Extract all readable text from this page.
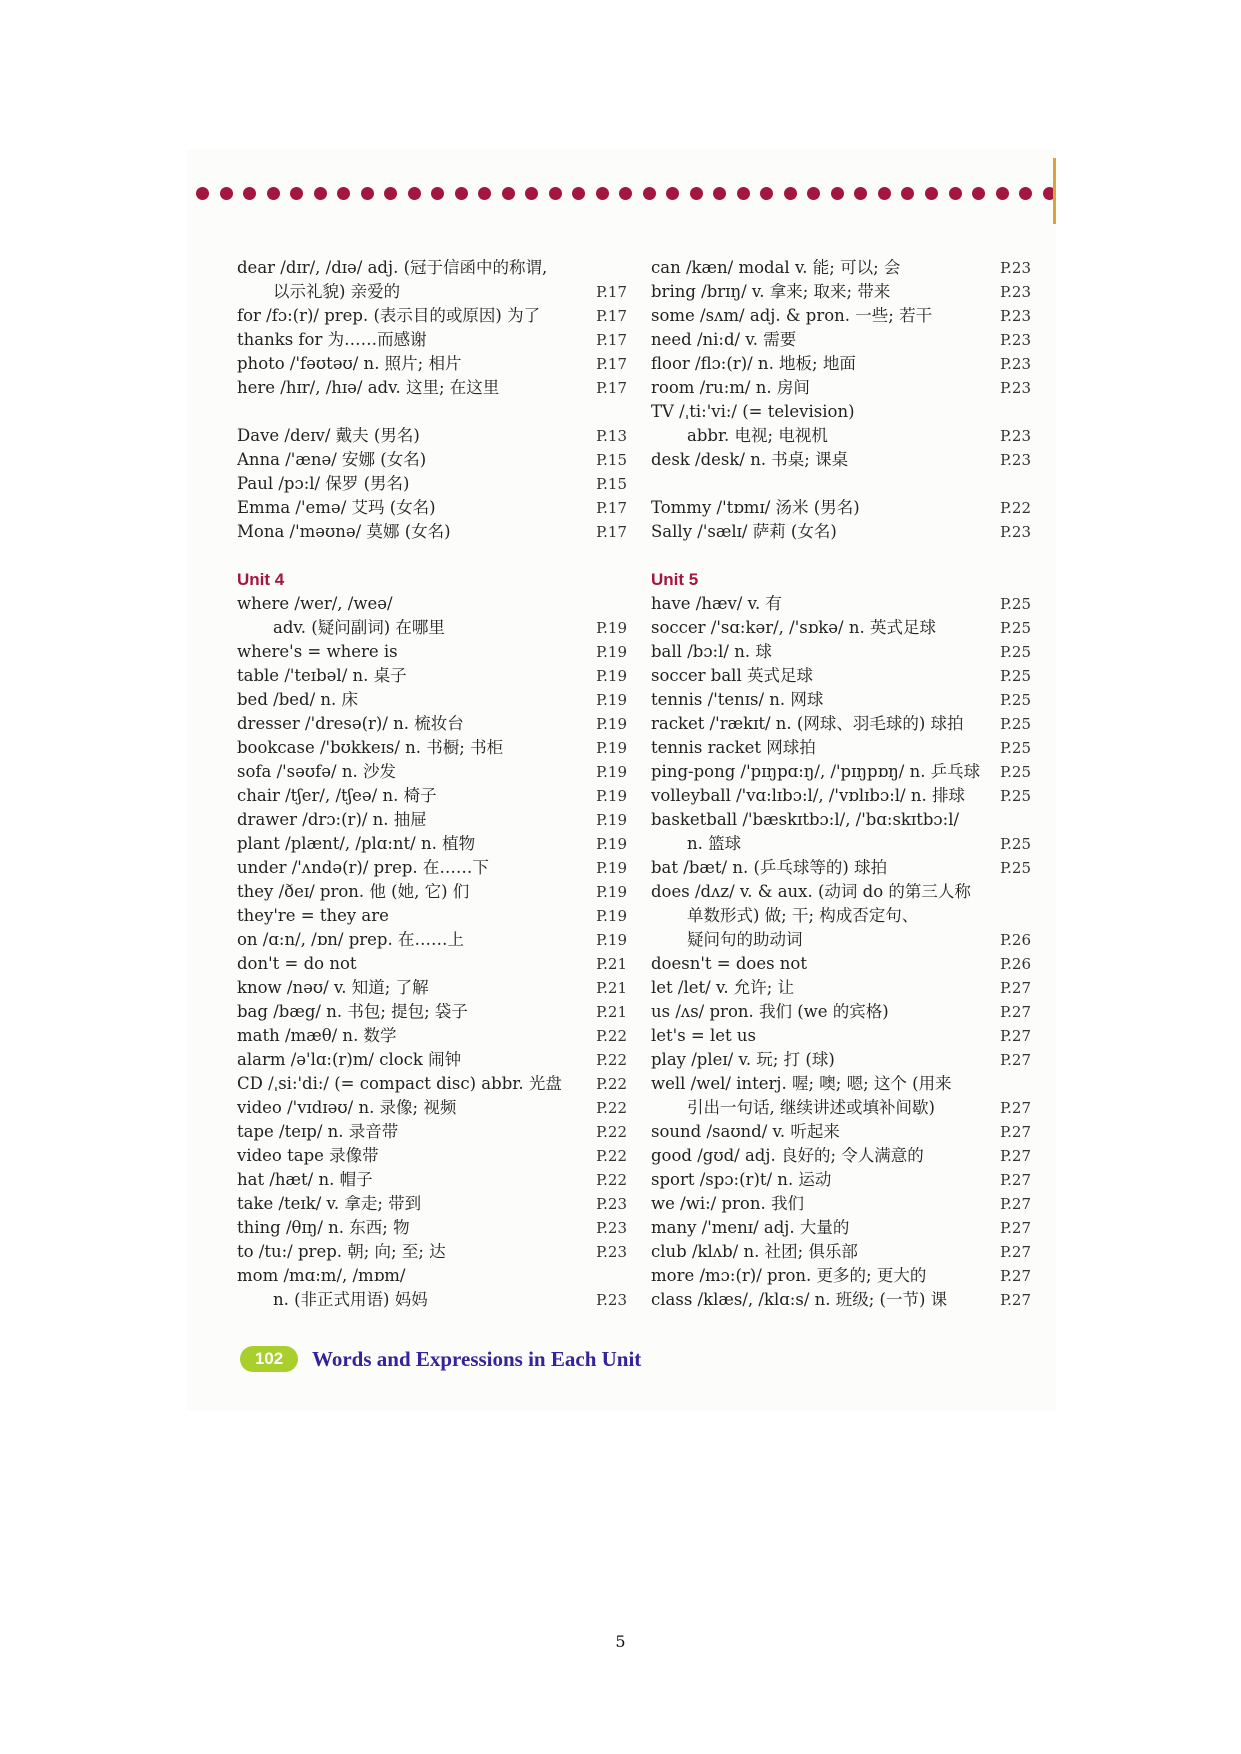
dear /dɪr/, /dɪə/ adj. (冠于信函中的称谓,
以示礼貌) 亲爱的	P.17
for /fɔ:(r)/ prep. (表示目的或原因) 为了	P.17
thanks for 为……而感谢	P.17
photo /'fəʊtəʊ/ n. 照片; 相片	P.17
here /hɪr/, /hɪə/ adv. 这里; 在这里	P.17
Dave /deɪv/ 戴夫 (男名)	P.13
Anna /'ænə/ 安娜 (女名)	P.15
Paul /pɔ:l/ 保罗 (男名)	P.15
Emma /'emə/ 艾玛 (女名)	P.17
Mona /'məʊnə/ 莫娜 (女名)	P.17
Unit 4
where /wer/, /weə/
adv. (疑问副词) 在哪里	P.19
where's = where is	P.19
table /'teɪbəl/ n. 桌子	P.19
bed /bed/ n. 床	P.19
dresser /'dresə(r)/ n. 梳妆台	P.19
bookcase /'bʊkkeɪs/ n. 书橱; 书柜	P.19
sofa /'səʊfə/ n. 沙发	P.19
chair /tʃer/, /tʃeə/ n. 椅子	P.19
drawer /drɔ:(r)/ n. 抽屉	P.19
plant /plænt/, /plɑ:nt/ n. 植物	P.19
under /'ʌndə(r)/ prep. 在……下	P.19
they /ðeɪ/ pron. 他 (她, 它) 们	P.19
they're = they are	P.19
on /ɑ:n/, /ɒn/ prep. 在……上	P.19
don't = do not	P.21
know /nəʊ/ v. 知道; 了解	P.21
bag /bæg/ n. 书包; 提包; 袋子	P.21
math /mæθ/ n. 数学	P.22
alarm /ə'lɑ:(r)m/ clock 闹钟	P.22
CD /ˌsi:'di:/ (= compact disc) abbr. 光盘	P.22
video /'vɪdɪəʊ/ n. 录像; 视频	P.22
tape /teɪp/ n. 录音带	P.22
video tape 录像带	P.22
hat /hæt/ n. 帽子	P.22
take /teɪk/ v. 拿走; 带到	P.23
thing /θɪŋ/ n. 东西; 物	P.23
to /tu:/ prep. 朝; 向; 至; 达	P.23
mom /mɑ:m/, /mɒm/
n. (非正式用语) 妈妈	P.23
can /kæn/ modal v. 能; 可以; 会	P.23
bring /brɪŋ/ v. 拿来; 取来; 带来	P.23
some /sʌm/ adj. & pron. 一些; 若干	P.23
need /ni:d/ v. 需要	P.23
floor /flɔ:(r)/ n. 地板; 地面	P.23
room /ru:m/ n. 房间	P.23
TV /ˌti:'vi:/ (= television)
abbr. 电视; 电视机	P.23
desk /desk/ n. 书桌; 课桌	P.23
Tommy /'tɒmɪ/ 汤米 (男名)	P.22
Sally /'sælɪ/ 萨莉 (女名)	P.23
Unit 5
have /hæv/ v. 有	P.25
soccer /'sɑ:kər/, /'sɒkə/ n. 英式足球	P.25
ball /bɔ:l/ n. 球	P.25
soccer ball 英式足球	P.25
tennis /'tenɪs/ n. 网球	P.25
racket /'rækɪt/ n. (网球、羽毛球的) 球拍	P.25
tennis racket 网球拍	P.25
ping-pong /'pɪŋpɑ:ŋ/, /'pɪŋpɒŋ/ n. 乒乓球	P.25
volleyball /'vɑ:lɪbɔ:l/, /'vɒlɪbɔ:l/ n. 排球	P.25
basketball /'bæskɪtbɔ:l/, /'bɑ:skɪtbɔ:l/
n. 篮球	P.25
bat /bæt/ n. (乒乓球等的) 球拍	P.25
does /dʌz/ v. & aux. (动词 do 的第三人称
单数形式) 做; 干; 构成否定句、
疑问句的助动词	P.26
doesn't = does not	P.26
let /let/ v. 允许; 让	P.27
us /ʌs/ pron. 我们 (we 的宾格)	P.27
let's = let us	P.27
play /pleɪ/ v. 玩; 打 (球)	P.27
well /wel/ interj. 喔; 噢; 嗯; 这个 (用来
引出一句话, 继续讲述或填补间歇)	P.27
sound /saʊnd/ v. 听起来	P.27
good /gʊd/ adj. 良好的; 令人满意的	P.27
sport /spɔ:(r)t/ n. 运动	P.27
we /wi:/ pron. 我们	P.27
many /'menɪ/ adj. 大量的	P.27
club /klʌb/ n. 社团; 俱乐部	P.27
more /mɔ:(r)/ pron. 更多的; 更大的	P.27
class /klæs/, /klɑ:s/ n. 班级; (一节) 课	P.27
102	Words and Expressions in Each Unit
5
